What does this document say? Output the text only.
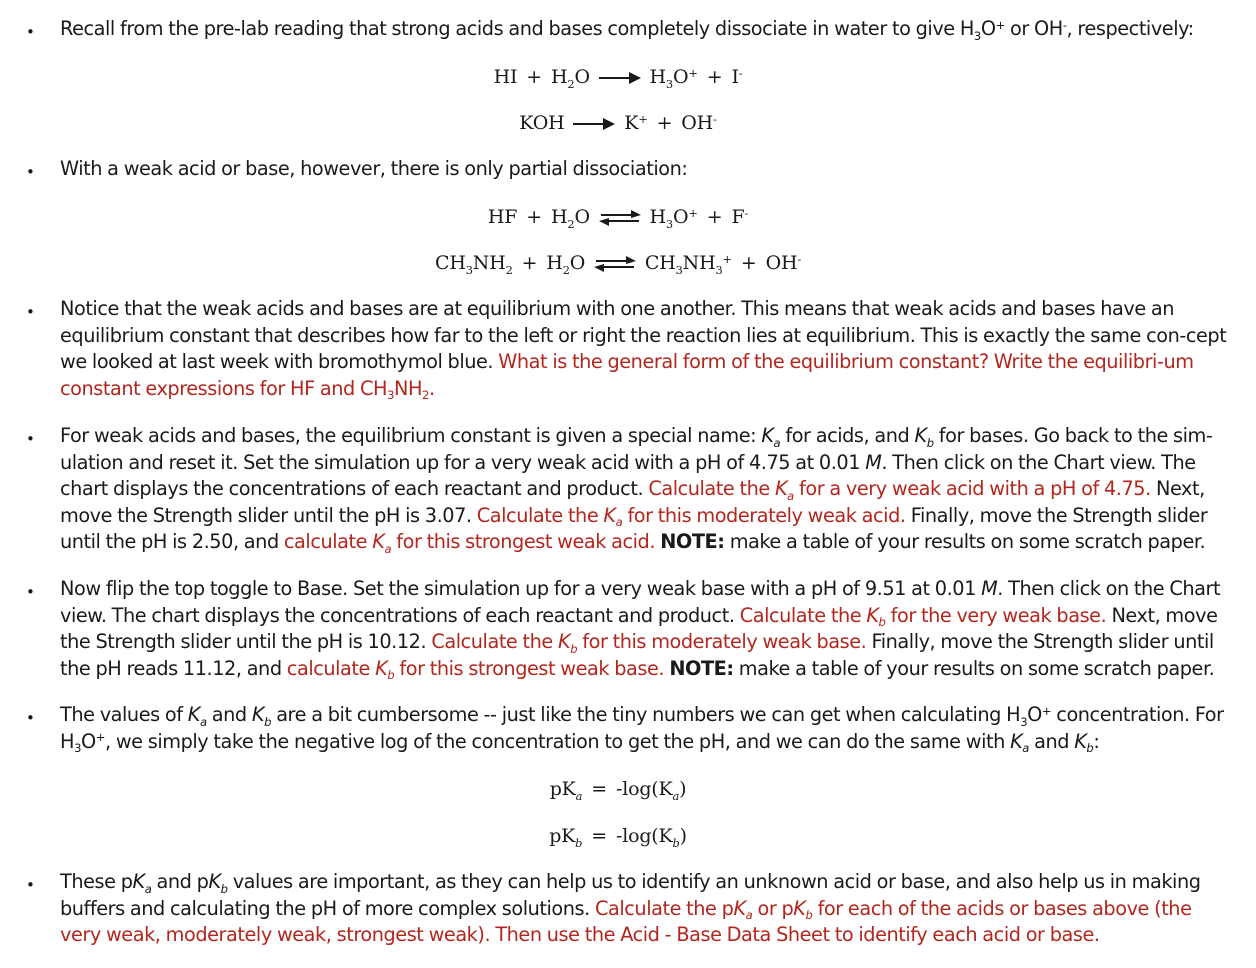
• Recall from the pre-lab reading that strong acids and bases completely dissociate in water to give $H_3O^+$ or OH-, respectively:
HI + $H_2O$	$H_3O^+ + I^-$
KOH	K+ + OH-
• With a weak acid or base, however, there is only partial dissociation:
HF + $H_2O$ ⇌ $H_3O^+ + F^-$
$CH_3NH_2 + H_2O$ ⇌ $CH_3NH_3^+ + OH^-$
• Notice that the weak acids and bases are at equilibrium with one another. This means that weak acids and bases have an equilibrium constant that describes how far to the left or right the reaction lies at equilibrium. This is exactly the same con-cept we looked at last week with bromothymol blue. What is the general form of the equilibrium constant? Write the equilibri-um constant expressions for HF and $CH_3NH_2$.
• For weak acids and bases, the equilibrium constant is given a special name: $K_a$ for acids, and $K_b$ for bases. Go back to the sim-ulation and reset it. Set the simulation up for a very weak acid with a pH of 4.75 at 0.01 M. Then click on the Chart view. The chart displays the concentrations of each reactant and product. Calculate the $K_a$ for a very weak acid with a pH of 4.75. Next, move the Strength slider until the pH is 3.07. Calculate the $K_a$ for this moderately weak acid. Finally, move the Strength slider until the pH is 2.50, and calculate $K_a$ for this strongest weak acid. NOTE: make a table of your results on some scratch paper.
• Now flip the top toggle to Base. Set the simulation up for a very weak base with a pH of 9.51 at 0.01 M. Then click on the Chart view. The chart displays the concentrations of each reactant and product. Calculate the $K_b$ for the very weak base. Next, move the Strength slider until the pH is 10.12. Calculate the $K_b$ for this moderately weak base. Finally, move the Strength slider until the pH reads 11.12, and calculate $K_b$ for this strongest weak base. NOTE: make a table of your results on some scratch paper.
• The values of $K_a$ and $K_b$ are a bit cumbersome -- just like the tiny numbers we can get when calculating $H_3O^+$ concentration. For $H_3O^+$, we simply take the negative log of the concentration to get the pH, and we can do the same with $K_a$ and $K_b$:
$pK_a = -\log(K_a)$
$pK_b = -\log(K_b)$
• These $pK_a$ and $pK_b$ values are important, as they can help us to identify an unknown acid or base, and also help us in making buffers and calculating the pH of more complex solutions. Calculate the $pK_a$ or $pK_b$ for each of the acids or bases above (the very weak, moderately weak, strongest weak). Then use the Acid - Base Data Sheet to identify each acid or base.
